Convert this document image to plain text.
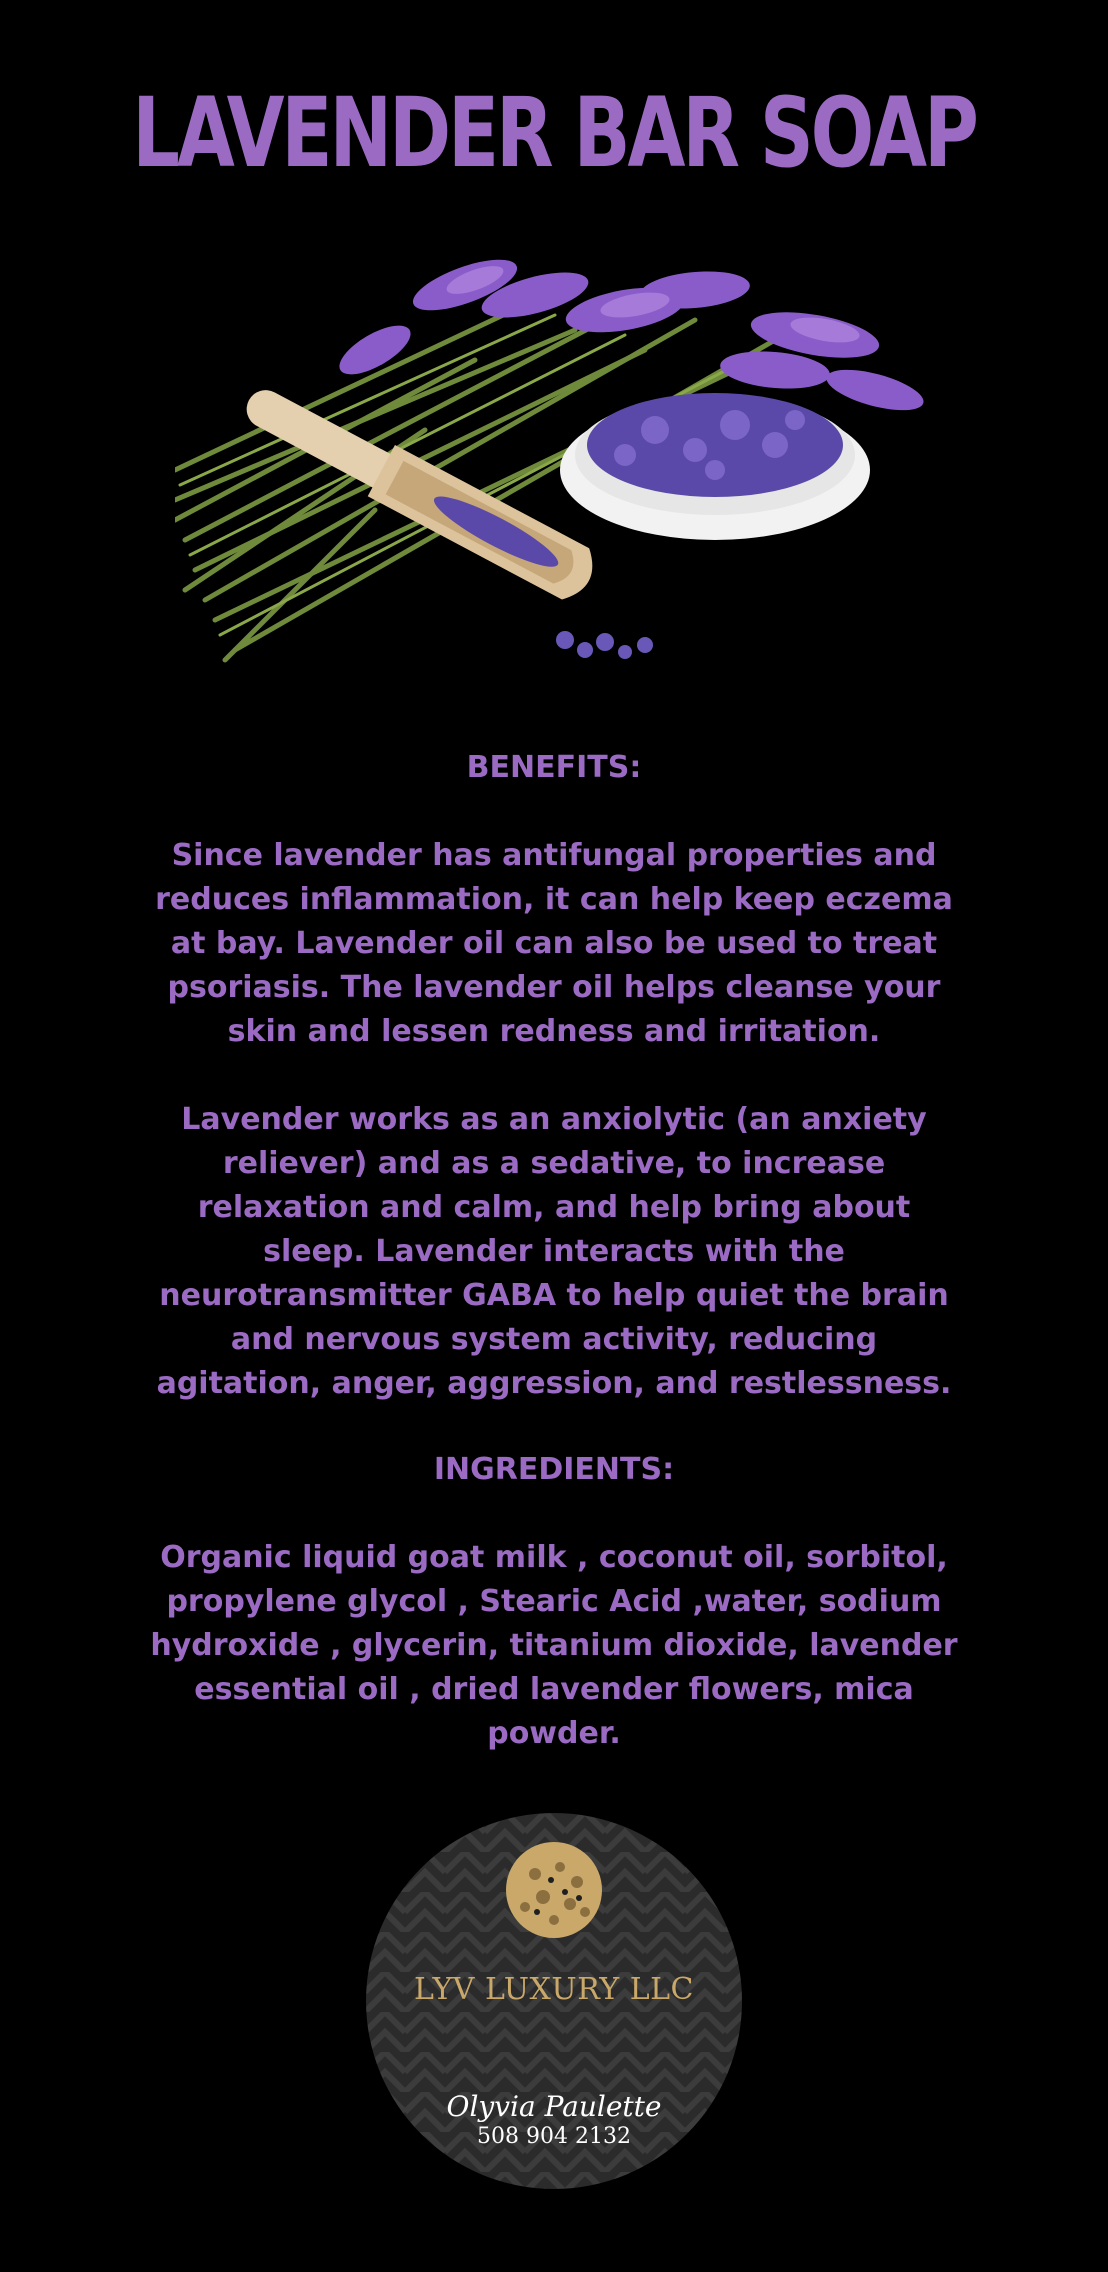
LAVENDER BAR SOAP
BENEFITS:
Since lavender has antifungal properties and reduces inflammation, it can help keep eczema at bay. Lavender oil can also be used to treat psoriasis. The lavender oil helps cleanse your skin and lessen redness and irritation.
Lavender works as an anxiolytic (an anxiety reliever) and as a sedative, to increase relaxation and calm, and help bring about sleep. Lavender interacts with the neurotransmitter GABA to help quiet the brain and nervous system activity, reducing agitation, anger, aggression, and restlessness.
INGREDIENTS:
Organic liquid goat milk , coconut oil, sorbitol, propylene glycol , Stearic Acid ,water, sodium hydroxide , glycerin, titanium dioxide, lavender essential oil , dried lavender flowers, mica powder.
LYV LUXURY LLC
Olyvia Paulette
508 904 2132
